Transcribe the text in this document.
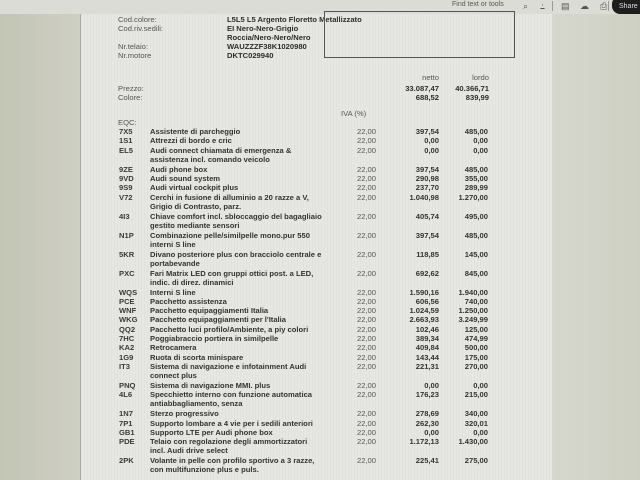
Find text or tools ⌕ ߸ ▤ ☁ ⎙	Share
Cod.colore:	L5L5 L5 Argento Floretto Metallizzato
Cod.riv.sedili:	EI Nero-Nero-Grigio
Roccia/Nero-Nero/Nero
Nr.telaio:	WAUZZZF38K1020980
Nr.motore	DKTC029940
netto	lordo
Prezzo:	33.087,47	40.366,71
Colore:	688,52	839,99
IVA (%)
EQC:
7X5 Assistente di parcheggio	22,00	397,54	485,00
1S1 Attrezzi di bordo e cric	22,00	0,00	0,00
EL5 Audi connect chiamata di emergenza &
assistenza incl. comando veicolo
22,00	0,00	0,00
9ZE Audi phone box	22,00	397,54	485,00
9VD Audi sound system	22,00	290,98	355,00
9S9 Audi virtual cockpit plus	22,00	237,70	289,99
V72 Cerchi in fusione di alluminio a 20 razze a V,
Grigio di Contrasto, parz.
22,00	1.040,98	1.270,00
4I3	Chiave comfort incl. sbloccaggio del bagagliaio
gestito mediante sensori
22,00	405,74	495,00
N1P Combinazione pelle/similpelle mono.pur 550
interni S line
22,00	397,54	485,00
5KR Divano posteriore plus con bracciolo centrale e
portabevande
22,00	118,85	145,00
PXC Fari Matrix LED con gruppi ottici post. a LED,
indic. di direz. dinamici
22,00	692,62	845,00
WQS Interni S line	22,00	1.590,16	1.940,00
PCE Pacchetto assistenza	22,00	606,56	740,00
WNF Pacchetto equipaggiamenti Italia	22,00	1.024,59	1.250,00
WKG Pacchetto equipaggiamenti per l'Italia	22,00	2.663,93	3.249,99
QQ2 Pacchetto luci profilo/Ambiente, a piy colori	22,00	102,46	125,00
7HC Poggiabraccio portiera in similpelle	22,00	389,34	474,99
KA2 Retrocamera	22,00	409,84	500,00
1G9 Ruota di scorta minispare	22,00	143,44	175,00
IT3	Sistema di navigazione e infotainment Audi
connect plus
22,00	221,31	270,00
PNQ Sistema di navigazione MMI. plus	22,00	0,00	0,00
4L6 Specchietto interno con funzione automatica
antiabbagliamento, senza
22,00	176,23	215,00
1N7 Sterzo progressivo	22,00	278,69	340,00
7P1 Supporto lombare a 4 vie per i sedili anteriori	22,00	262,30	320,01
GB1 Supporto LTE per Audi phone box	22,00	0,00	0,00
PDE Telaio con regolazione degli ammortizzatori
incl. Audi drive select
22,00	1.172,13	1.430,00
2PK Volante in pelle con profilo sportivo a 3 razze,
con multifunzione plus e puls.
22,00	225,41	275,00
